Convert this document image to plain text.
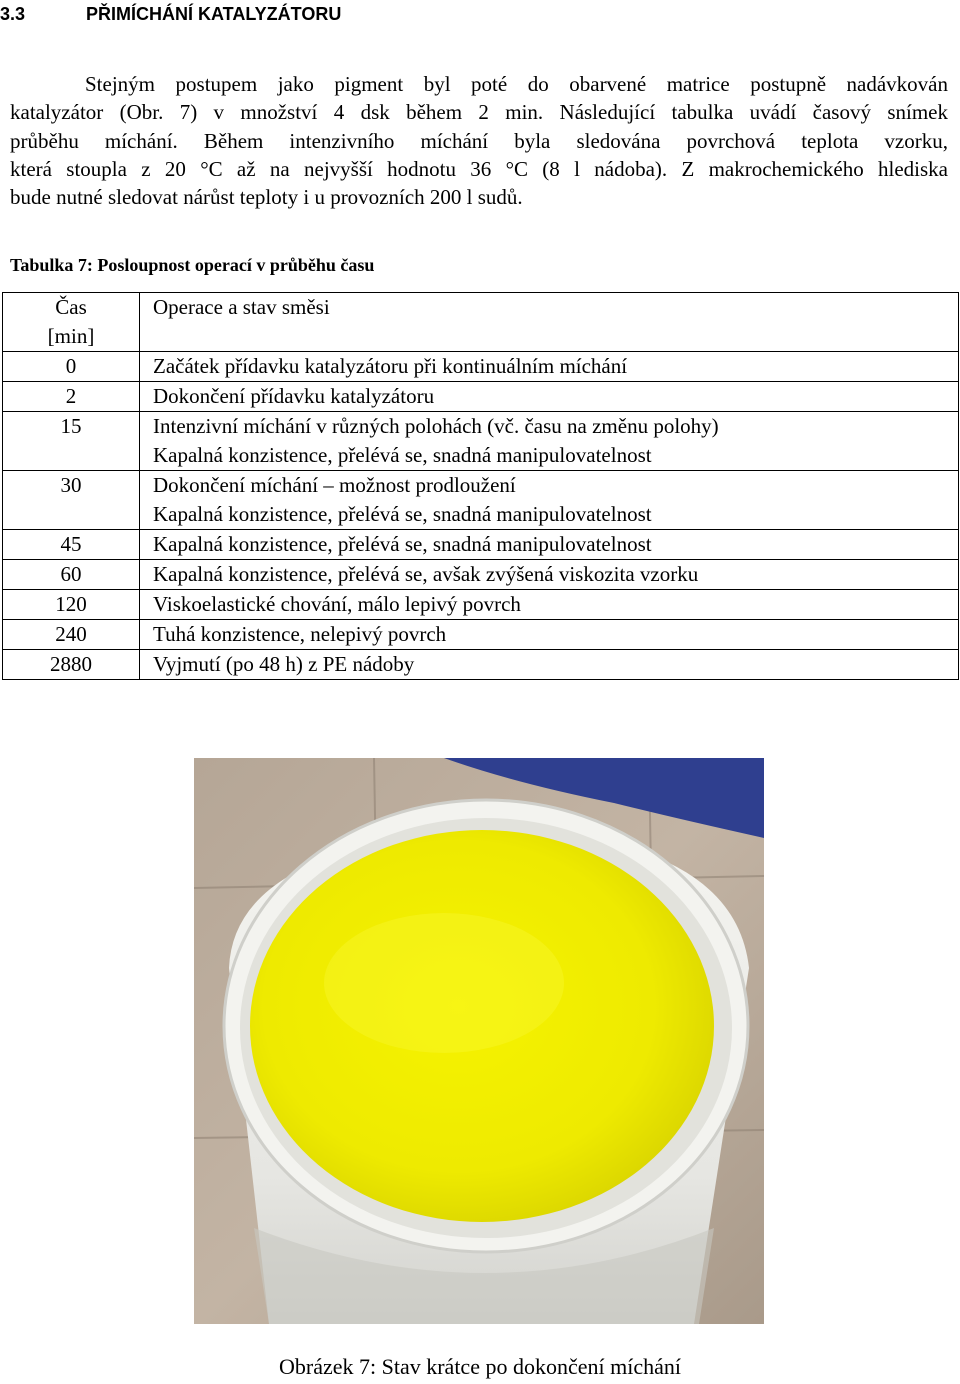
3.3	PŘIMÍCHÁNÍ KATALYZÁTORU

Stejným postupem jako pigment byl poté do obarvené matrice postupně nadávkován

katalyzátor (Obr. 7) v množství 4 dsk během 2 min. Následující tabulka uvádí časový snímek

průběhu míchání. Během intenzivního míchání byla sledována povrchová teplota vzorku,

která stoupla z 20 °C až na nejvyšší hodnotu 36 °C (8 l nádoba). Z makrochemického hlediska

bude nutné sledovat nárůst teploty i u provozních 200 l sudů.

Tabulka 7: Posloupnost operací v průběhu času
Čas
[min]	Operace a stav směsi
0	Začátek přídavku katalyzátoru při kontinuálním míchání

2	Dokončení přídavku katalyzátoru

15	Intenzivní míchání v různých polohách (vč. času na změnu polohy)
Kapalná konzistence, přelévá se, snadná manipulovatelnost

30	Dokončení míchání – možnost prodloužení
Kapalná konzistence, přelévá se, snadná manipulovatelnost

45	Kapalná konzistence, přelévá se, snadná manipulovatelnost

60	Kapalná konzistence, přelévá se, avšak zvýšená viskozita vzorku

120	Viskoelastické chování, málo lepivý povrch

240	Tuhá konzistence, nelepivý povrch

2880	Vyjmutí (po 48 h) z PE nádoby
Obrázek 7: Stav krátce po dokončení míchání
